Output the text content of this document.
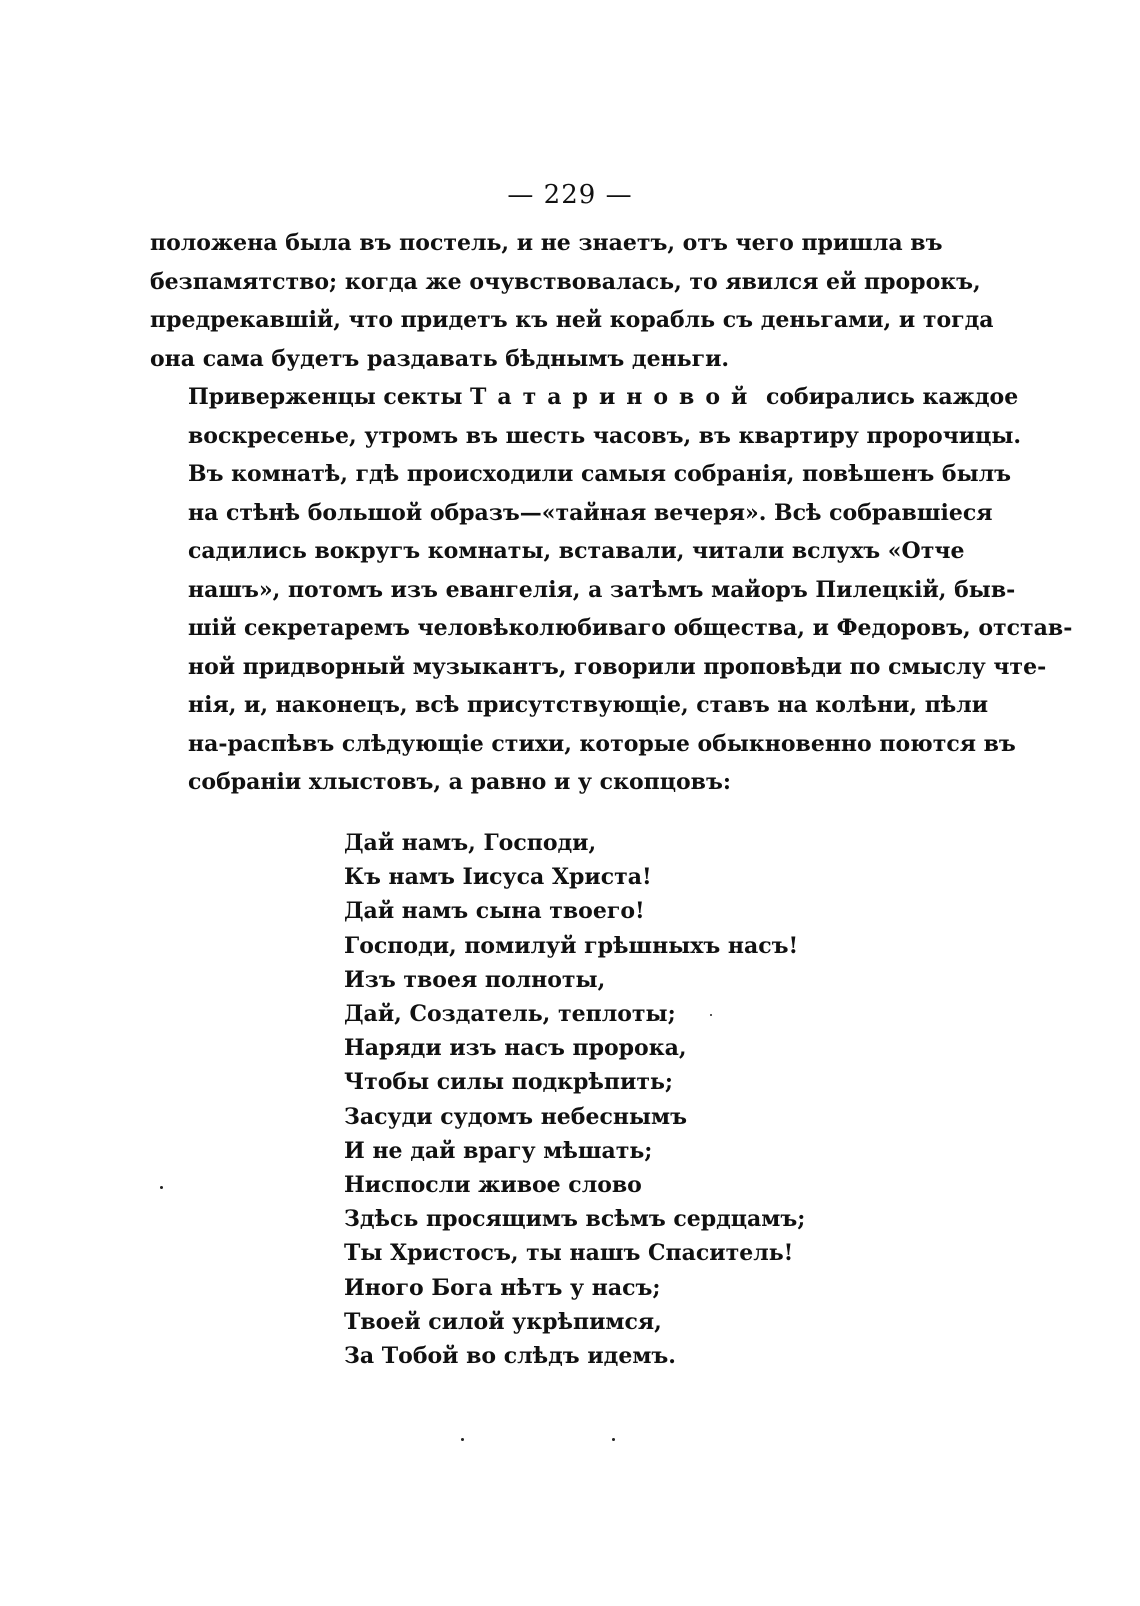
— 229 —

положена была въ постель, и не знаетъ, отъ чего пришла въ
безпамятство; когда же очувствовалась, то явился ей пророкъ,
предрекавшій, что придетъ къ ней корабль съ деньгами, и тогда
она сама будетъ раздавать бѣднымъ деньги.

Приверженцы секты Татариновой собирались каждое
воскресенье, утромъ въ шесть часовъ, въ квартиру пророчицы.

Въ комнатѣ, гдѣ происходили самыя собранія, повѣшенъ былъ
на стѣнѣ большой образъ—«тайная вечеря». Всѣ собравшіеся
садились вокругъ комнаты, вставали, читали вслухъ «Отче
нашъ», потомъ изъ евангелія, а затѣмъ майоръ Пилецкій, быв-
шій секретаремъ человѣколюбиваго общества, и Федоровъ, отстав-
ной придворный музыкантъ, говорили проповѣди по смыслу чте-
нія, и, наконецъ, всѣ присутствующіе, ставъ на колѣни, пѣли
на-распѣвъ слѣдующіе стихи, которые обыкновенно поются въ
собраніи хлыстовъ, а равно и у скопцовъ:

Дай намъ, Господи,
Къ намъ Іисуса Христа!
Дай намъ сына твоего!
Господи, помилуй грѣшныхъ насъ!
Изъ твоея полноты,
Дай, Создатель, теплоты;
Наряди изъ насъ пророка,
Чтобы силы подкрѣпить;
Засуди судомъ небеснымъ
И не дай врагу мѣшать;
Ниспосли живое слово
Здѣсь просящимъ всѣмъ сердцамъ;
Ты Христосъ, ты нашъ Спаситель!
Иного Бога нѣтъ у насъ;
Твоей силой укрѣпимся,
За Тобой во слѣдъ идемъ.
